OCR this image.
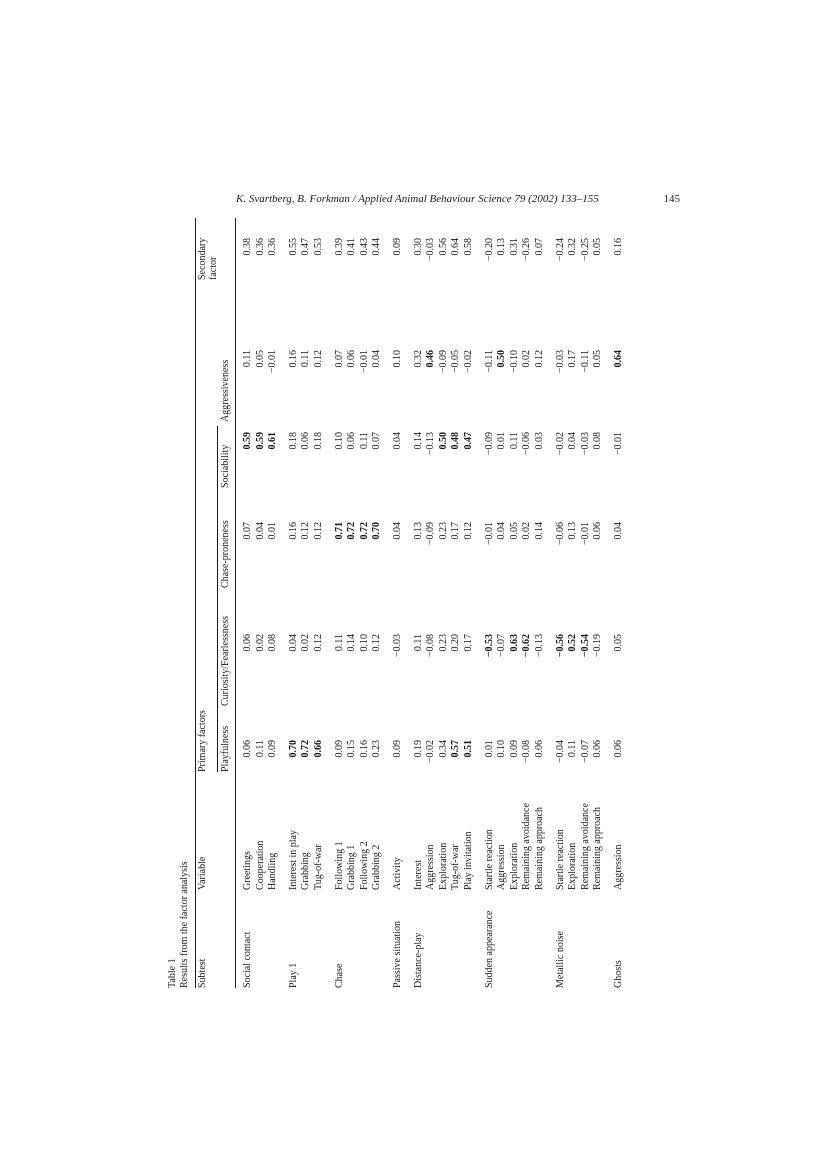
K. Svartberg, B. Forkman / Applied Animal Behaviour Science 79 (2002) 133–155	145
Table 1 Results from the factor analysis Subtest
Variable
Primary factors Playfulness
Curiosity/Fearlessness
Chase-proneness
Sociability
Aggressiveness
Secondary factor
Social contact
Greetings
0.06
0.06
0.07
0.59
0.11
0.38
Cooperation
0.11
0.02
0.04
0.59
0.05
0.36
Handling
0.09
0.08
0.01
0.61
−0.01
0.36
Play 1
Interest in play
0.70
0.04
0.16
0.18
0.16
0.55
Grabbing
0.72
0.02
0.12
0.06
0.11
0.47
Tug-of-war
0.66
0.12
0.12
0.18
0.12
0.53
Chase
Following 1
0.09
0.11
0.71
0.10
0.07
0.39
Grabbing 1
0.15
0.14
0.72
0.06
0.06
0.41
Following 2
0.16
0.10
0.72
0.11
−0.01
0.43
Grabbing 2
0.23
0.12
0.70
0.07
0.04
0.44
Passive situation
Activity
0.09
−0.03
0.04
0.04
0.10
0.09
Distance-play
Interest
0.19
0.11
0.13
0.14
0.32
0.30
Aggression
−0.02
−0.08
−0.09
−0.13
0.46
−0.03
Exploration
0.34
0.23
0.23
0.50
−0.09
0.56
Tug-of-war
0.57
0.20
0.17
0.48
−0.05
0.64
Play invitation
0.51
0.17
0.12
0.47
−0.02
0.58
Sudden appearance
Startle reaction
0.01
−0.53
−0.01
−0.09
−0.11
−0.20
Aggression
0.10
−0.07
0.04
0.01
0.50
0.13
Exploration
0.09
0.63
0.05
0.11
−0.10
0.31
Remaining avoidance
−0.08
−0.62
0.02
−0.06
0.02
−0.26
Remaining approach
0.06
−0.13
0.14
0.03
0.12
0.07
Metallic noise
Startle reaction
−0.04
−0.56
−0.06
−0.02
−0.03
−0.24
Exploration
0.11
0.52
0.13
0.04
0.17
0.32
Remaining avoidance
−0.07
−0.54
−0.01
−0.03
−0.11
−0.25
Remaining approach
0.06
−0.19
0.06
0.08
0.05
0.05
Ghosts
Aggression
0.06
0.05
0.04
−0.01
0.64
0.16
